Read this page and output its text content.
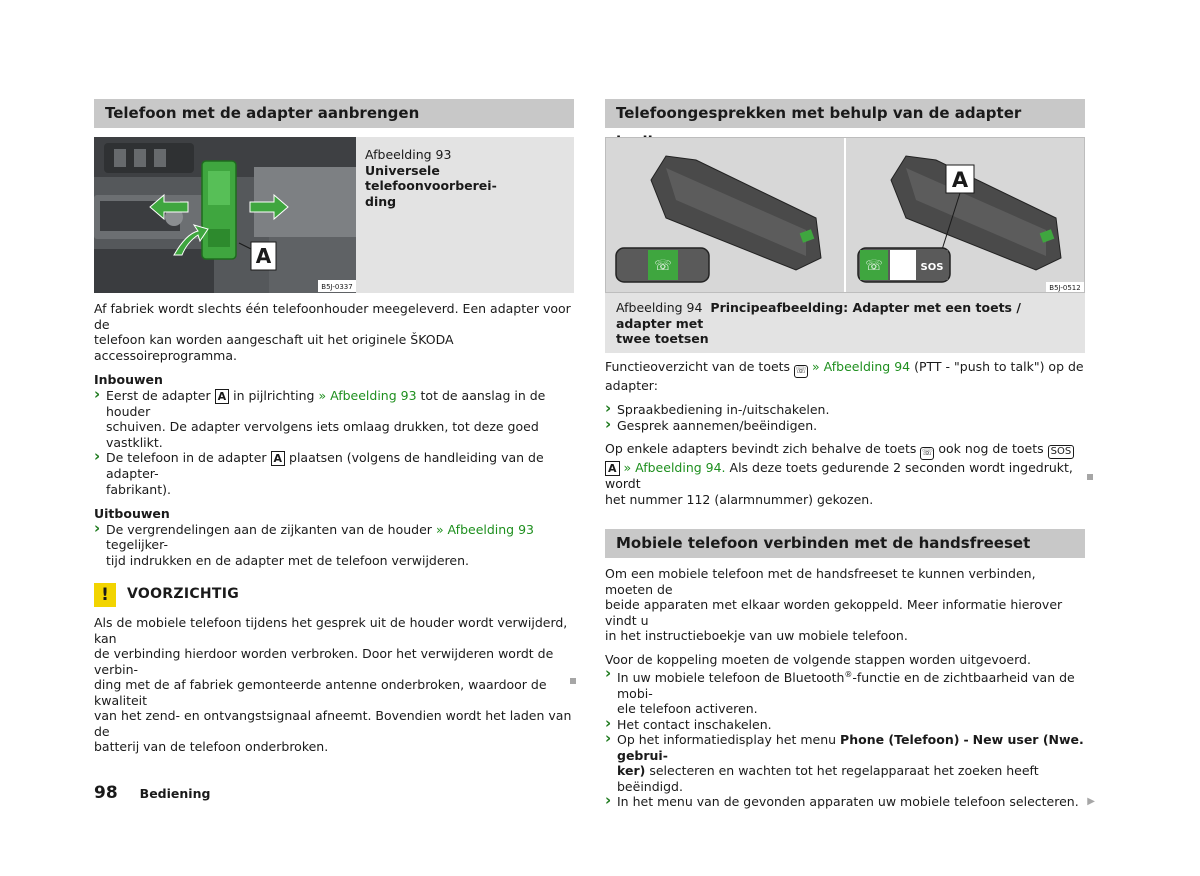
Telefoon met de adapter aanbrengen
A
B5J-0337

Afbeelding 93

Universele telefoonvoorberei-

ding

Af fabriek wordt slechts één telefoonhouder meegeleverd. Een adapter voor de

telefoon kan worden aangeschaft uit het originele ŠKODA accessoireprogramma.

Inbouwen

› Eerst de adapter A in pijlrichting » Afbeelding 93 tot de aanslag in de houder

schuiven. De adapter vervolgens iets omlaag drukken, tot deze goed vastklikt.

› De telefoon in de adapter A plaatsen (volgens de handleiding van de adapter-

fabrikant).

Uitbouwen

› De vergrendelingen aan de zijkanten van de houder » Afbeelding 93 tegelijker-

tijd indrukken en de adapter met de telefoon verwijderen.

!	VOORZICHTIG

Als de mobiele telefoon tijdens het gesprek uit de houder wordt verwijderd, kan

de verbinding hierdoor worden verbroken. Door het verwijderen wordt de verbin-

ding met de af fabriek gemonteerde antenne onderbroken, waardoor de kwaliteit

van het zend- en ontvangstsignaal afneemt. Bovendien wordt het laden van de

batterij van de telefoon onderbroken.

Telefoongesprekken met behulp van de adapter
☏
A
☏	SOS
B5J-0512

Afbeelding 94 Principeafbeelding: Adapter met een toets / adapter met

twee toetsen

Functieoverzicht van de toets ☏ » Afbeelding 94 (PTT - "push to talk") op de

adapter:

› Spraakbediening in-/uitschakelen.
› Gesprek aannemen/beëindigen.

Op enkele adapters bevindt zich behalve de toets ☏ ook nog de toets SOS

A » Afbeelding 94. Als deze toets gedurende 2 seconden wordt ingedrukt, wordt

het nummer 112 (alarmnummer) gekozen.

Mobiele telefoon verbinden met de handsfreeset

Om een mobiele telefoon met de handsfreeset te kunnen verbinden, moeten de

beide apparaten met elkaar worden gekoppeld. Meer informatie hierover vindt u

in het instructieboekje van uw mobiele telefoon.

Voor de koppeling moeten de volgende stappen worden uitgevoerd.

› In uw mobiele telefoon de Bluetooth®-functie en de zichtbaarheid van de mobi-

ele telefoon activeren.

› Het contact inschakelen.

› Op het informatiedisplay het menu Phone (Telefoon) - New user (Nwe. gebrui-

ker) selecteren en wachten tot het regelapparaat het zoeken heeft beëindigd.

› In het menu van de gevonden apparaten uw mobiele telefoon selecteren. ▶
98 Bediening
